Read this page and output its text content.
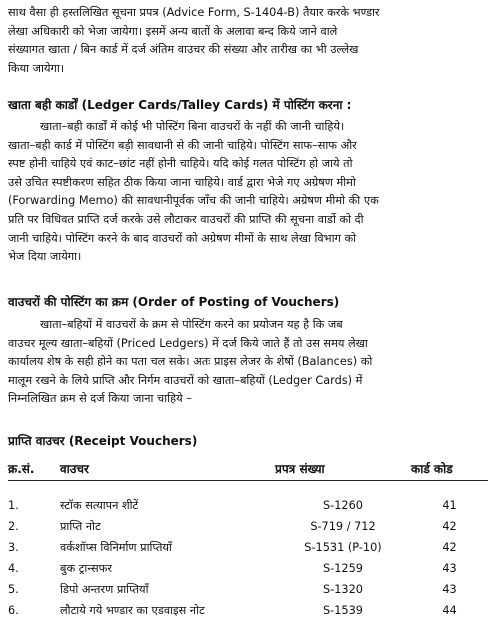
साथ वैसा ही हस्तलिखित सूचना प्रपत्र (Advice Form, S-1404-B) तैयार करके भण्डार
लेखा अधिकारी को भेजा जायेगा। इसमें अन्य बातों के अलावा बन्द किये जाने वाले
संख्यागत खाता / बिन कार्ड में दर्ज अंतिम वाउचर की संख्या और तारीख का भी उल्लेख
किया जायेगा।
खाता बही कार्डों (Ledger Cards/Talley Cards) में पोस्टिंग करना :
खाता–बही कार्डों में कोई भी पोस्टिंग बिना वाउचरों के नहीं की जानी चाहिये।
खाता–बही कार्ड में पोस्टिंग बड़ी सावधानी से की जानी चाहिये। पोस्टिंग साफ–साफ और
स्पष्ट होनी चाहिये एवं काट–छांट नहीं होनी चाहिये। यदि कोई गलत पोस्टिंग हो जाये तो
उसे उचित स्पष्टीकरण सहित ठीक किया जाना चाहिये। वार्ड द्वारा भेजे गए अग्रेषण मीमो
(Forwarding Memo) की सावधानीपूर्वक जाँच की जानी चाहिये। अग्रेषण मीमो की एक
प्रति पर विधिवत प्राप्ति दर्ज करके उसे लौटाकर वाउचरों की प्राप्ति की सूचना वार्डो को दी
जानी चाहिये। पोस्टिंग करने के बाद वाउचरों को अग्रेषण मीमों के साथ लेखा विभाग को
भेज दिया जायेगा।
वाउचरों की पोस्टिंग का क्रम (Order of Posting of Vouchers)
खाता–बहियों में वाउचरों के क्रम से पोस्टिंग करने का प्रयोजन यह है कि जब
वाउचर मूल्य खाता–बहियों (Priced Ledgers) में दर्ज किये जाते हैं तो उस समय लेखा
कार्यालय शेष के सही होने का पता चल सके। अतः प्राइस लेजर के शेषों (Balances) को
मालूम रखने के लिये प्राप्ति और निर्गम वाउचरों को खाता–बहियों (Ledger Cards) में
निम्नलिखित क्रम से दर्ज किया जाना चाहिये –
प्राप्ति वाउचर (Receipt Vouchers)
क्र.सं.	वाउचर	प्रपत्र संख्या	कार्ड कोड
1.	स्टॉक सत्यापन शीटें	S-1260	41
2.	प्राप्ति नोट	S-719 / 712	42
3.	वर्कशॉप्स विनिर्माण प्राप्तियाँ	S-1531 (P-10)	42
4.	बुक ट्रान्सफर	S-1259	43
5.	डिपो अन्तरण प्राप्तियाँ	S-1320	43
6.	लौटाये गये भण्डार का एडवाइस नोट	S-1539	44
